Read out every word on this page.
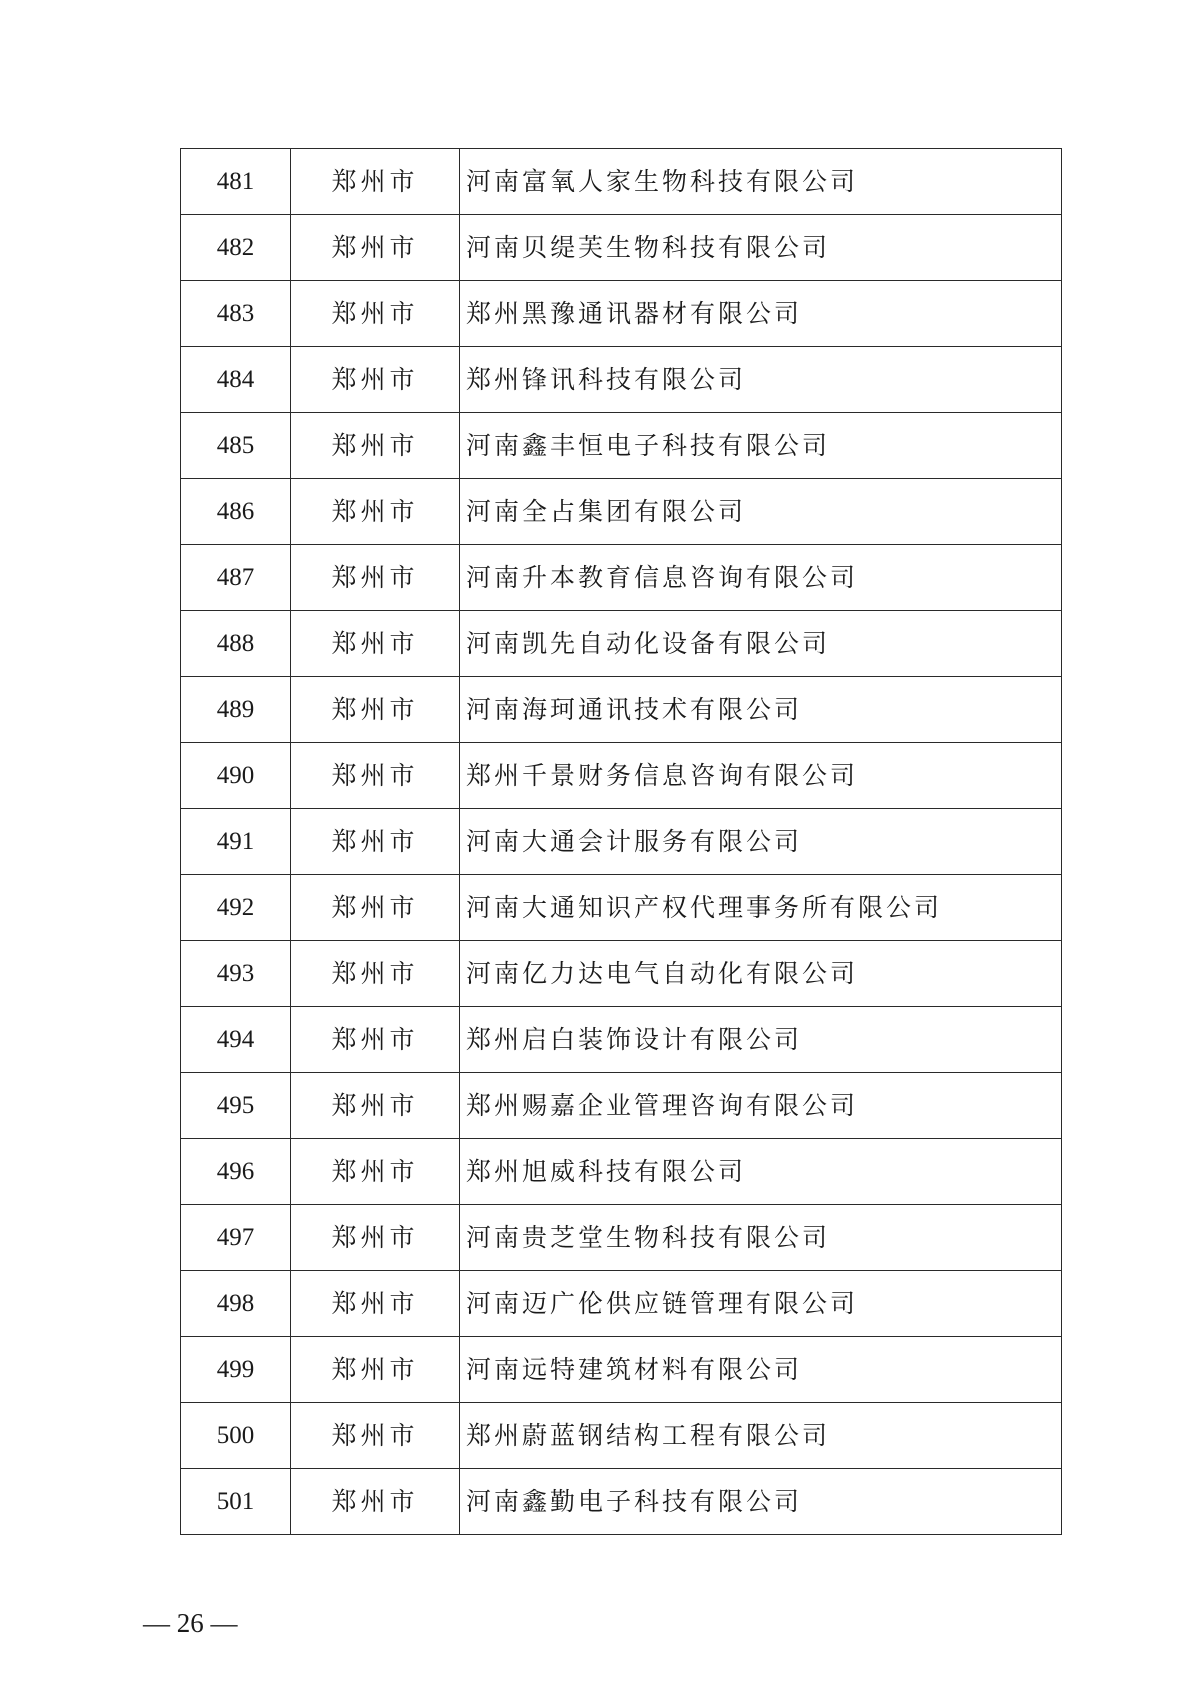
481	郑州市	河南富氧人家生物科技有限公司
482	郑州市	河南贝缇芙生物科技有限公司
483	郑州市	郑州黑豫通讯器材有限公司
484	郑州市	郑州锋讯科技有限公司
485	郑州市	河南鑫丰恒电子科技有限公司
486	郑州市	河南全占集团有限公司
487	郑州市	河南升本教育信息咨询有限公司
488	郑州市	河南凯先自动化设备有限公司
489	郑州市	河南海珂通讯技术有限公司
490	郑州市	郑州千景财务信息咨询有限公司
491	郑州市	河南大通会计服务有限公司
492	郑州市	河南大通知识产权代理事务所有限公司
493	郑州市	河南亿力达电气自动化有限公司
494	郑州市	郑州启白装饰设计有限公司
495	郑州市	郑州赐嘉企业管理咨询有限公司
496	郑州市	郑州旭威科技有限公司
497	郑州市	河南贵芝堂生物科技有限公司
498	郑州市	河南迈广伦供应链管理有限公司
499	郑州市	河南远特建筑材料有限公司
500	郑州市	郑州蔚蓝钢结构工程有限公司
501	郑州市	河南鑫勤电子科技有限公司
— 26 —
